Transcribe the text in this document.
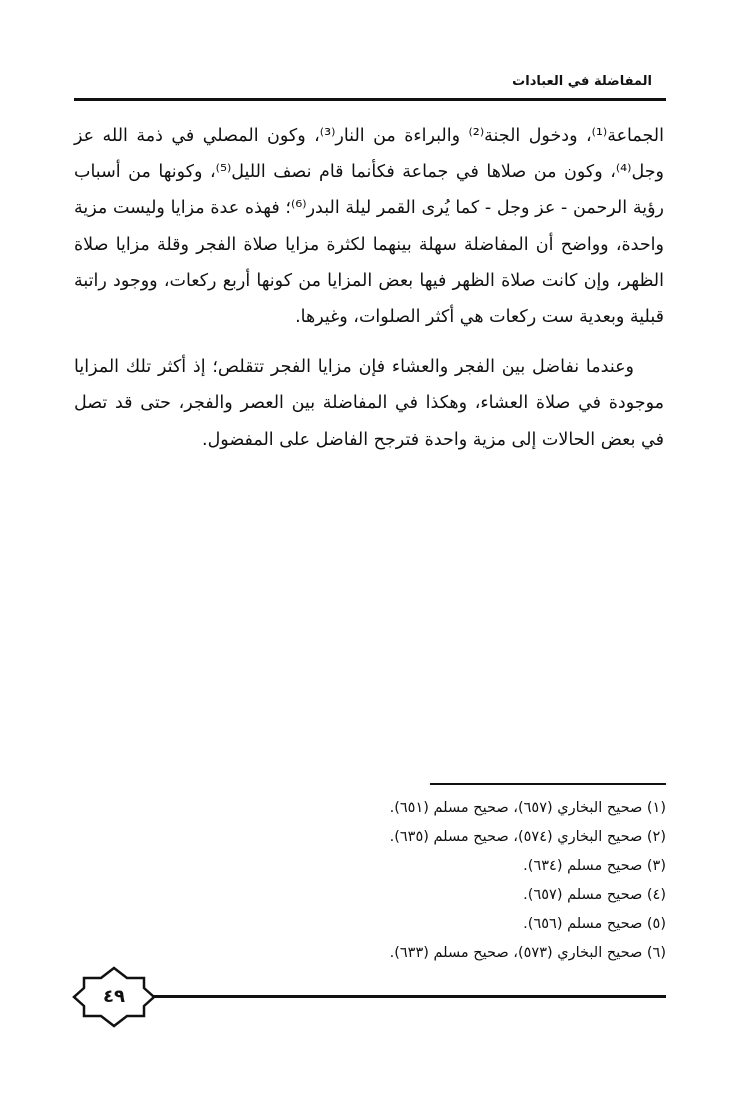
المفاضلة في العبادات

الجماعة⁽¹⁾، ودخول الجنة⁽²⁾ والبراءة من النار⁽³⁾، وكون المصلي في ذمة الله عز وجل⁽⁴⁾، وكون من صلاها في جماعة فكأنما قام نصف الليل⁽⁵⁾، وكونها من أسباب رؤية الرحمن - عز وجل - كما يُرى القمر ليلة البدر⁽⁶⁾؛ فهذه عدة مزايا وليست مزية واحدة، وواضح أن المفاضلة سهلة بينهما لكثرة مزايا صلاة الفجر وقلة مزايا صلاة الظهر، وإن كانت صلاة الظهر فيها بعض المزايا من كونها أربع ركعات، ووجود راتبة قبلية وبعدية ست ركعات هي أكثر الصلوات، وغيرها.

وعندما نفاضل بين الفجر والعشاء فإن مزايا الفجر تتقلص؛ إذ أكثر تلك المزايا موجودة في صلاة العشاء، وهكذا في المفاضلة بين العصر والفجر، حتى قد تصل في بعض الحالات إلى مزية واحدة فترجح الفاضل على المفضول.

(١) صحيح البخاري (٦٥٧)، صحيح مسلم (٦٥١).
(٢) صحيح البخاري (٥٧٤)، صحيح مسلم (٦٣٥).
(٣) صحيح مسلم (٦٣٤).
(٤) صحيح مسلم (٦٥٧).
(٥) صحيح مسلم (٦٥٦).
(٦) صحيح البخاري (٥٧٣)، صحيح مسلم (٦٣٣).
٤٩
